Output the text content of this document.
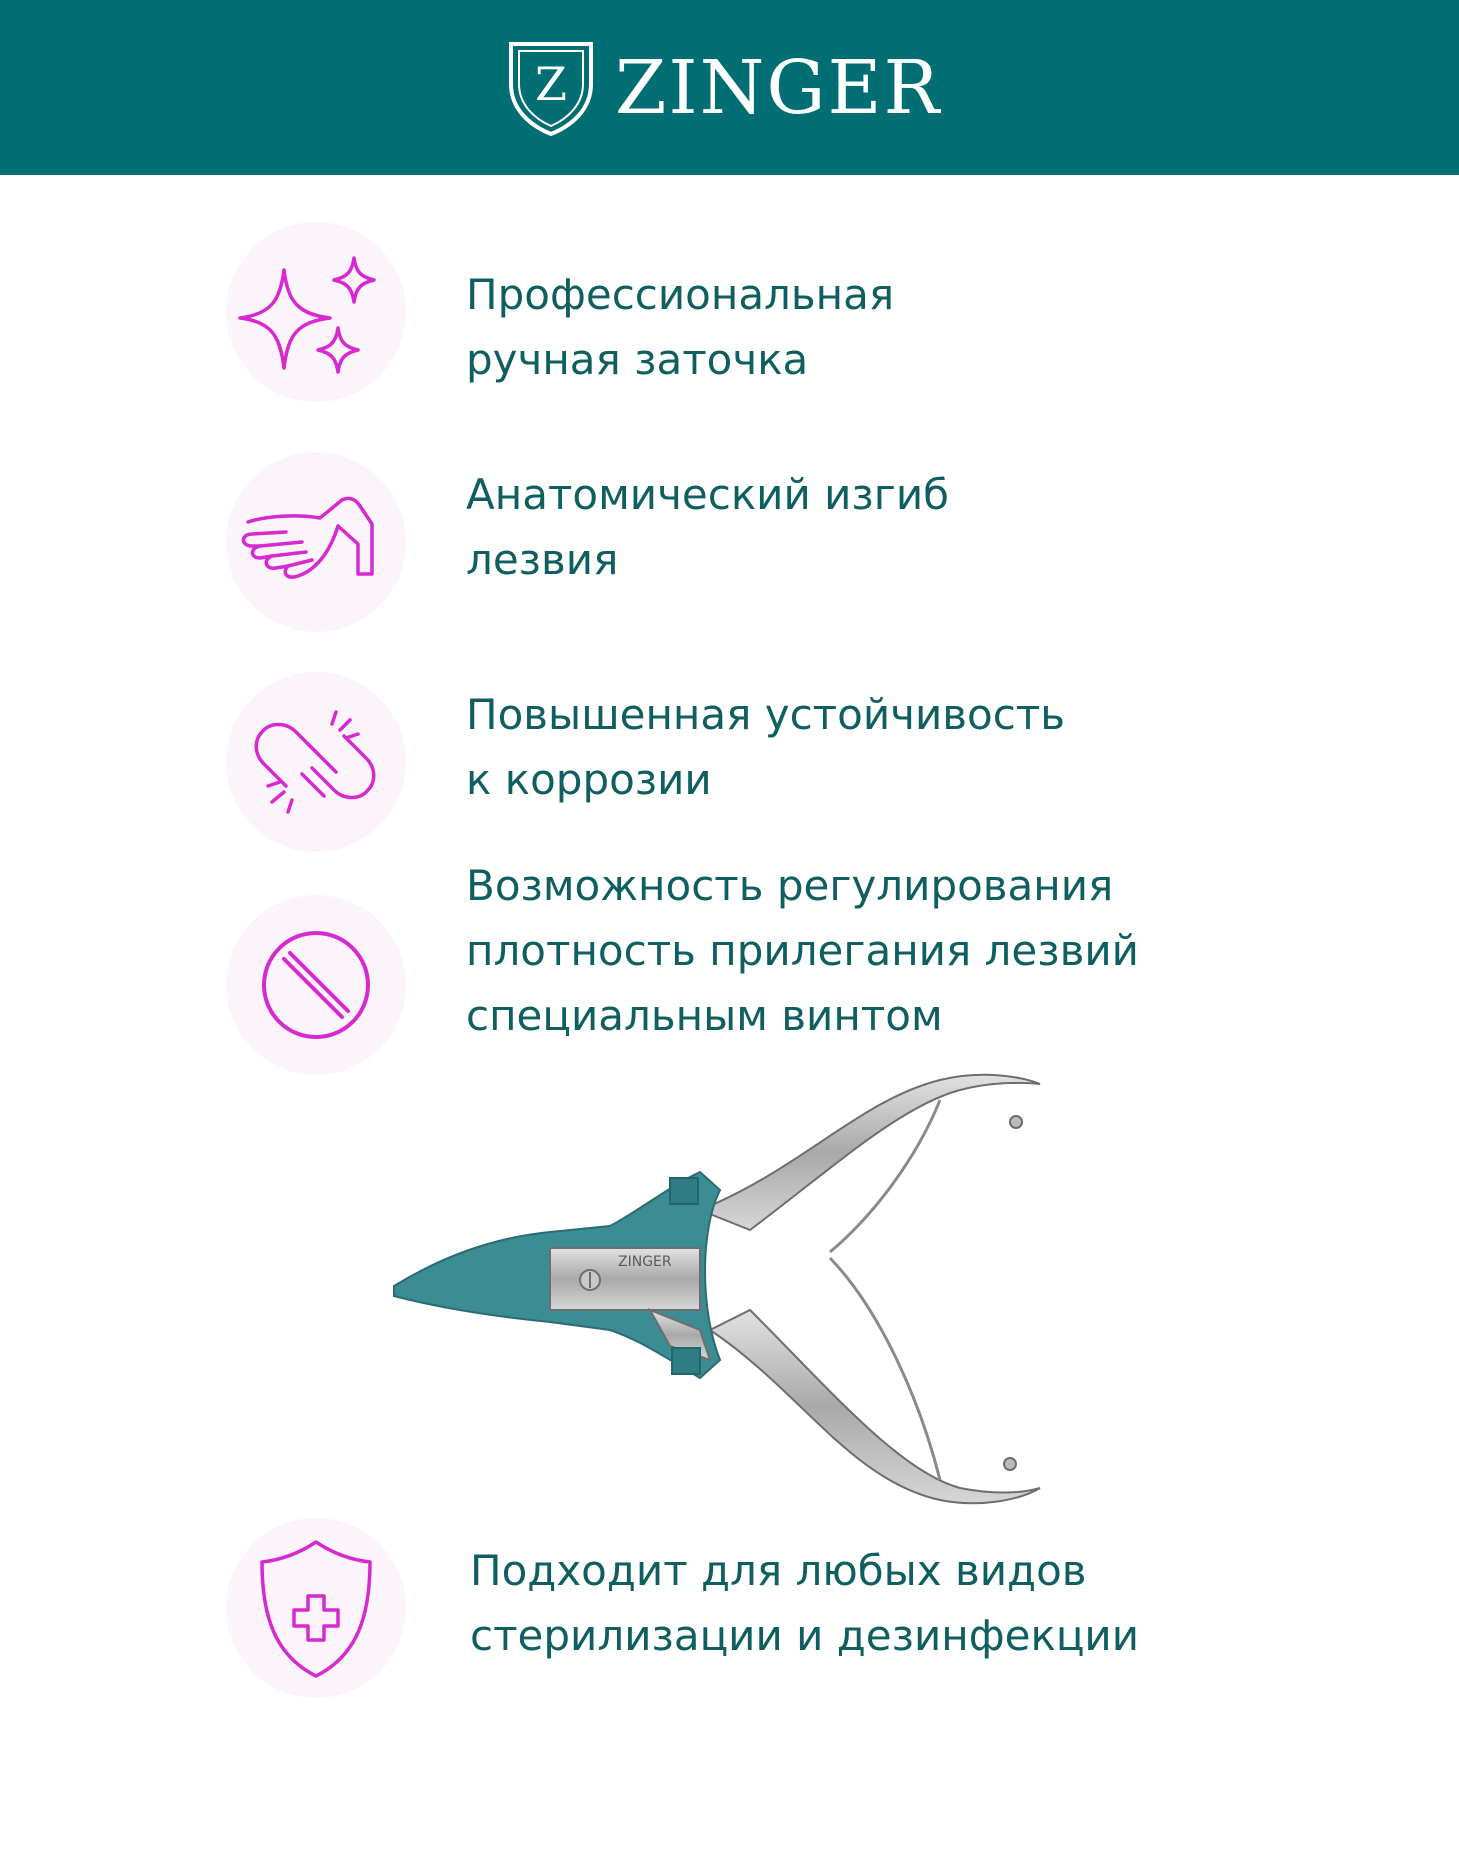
Z ZINGER
Профессиональная
ручная заточка
Анатомический изгиб
лезвия
Повышенная устойчивость
к коррозии
Возможность регулирования
плотность прилегания лезвий
специальным винтом
ZINGER
Подходит для любых видов
стерилизации и дезинфекции
